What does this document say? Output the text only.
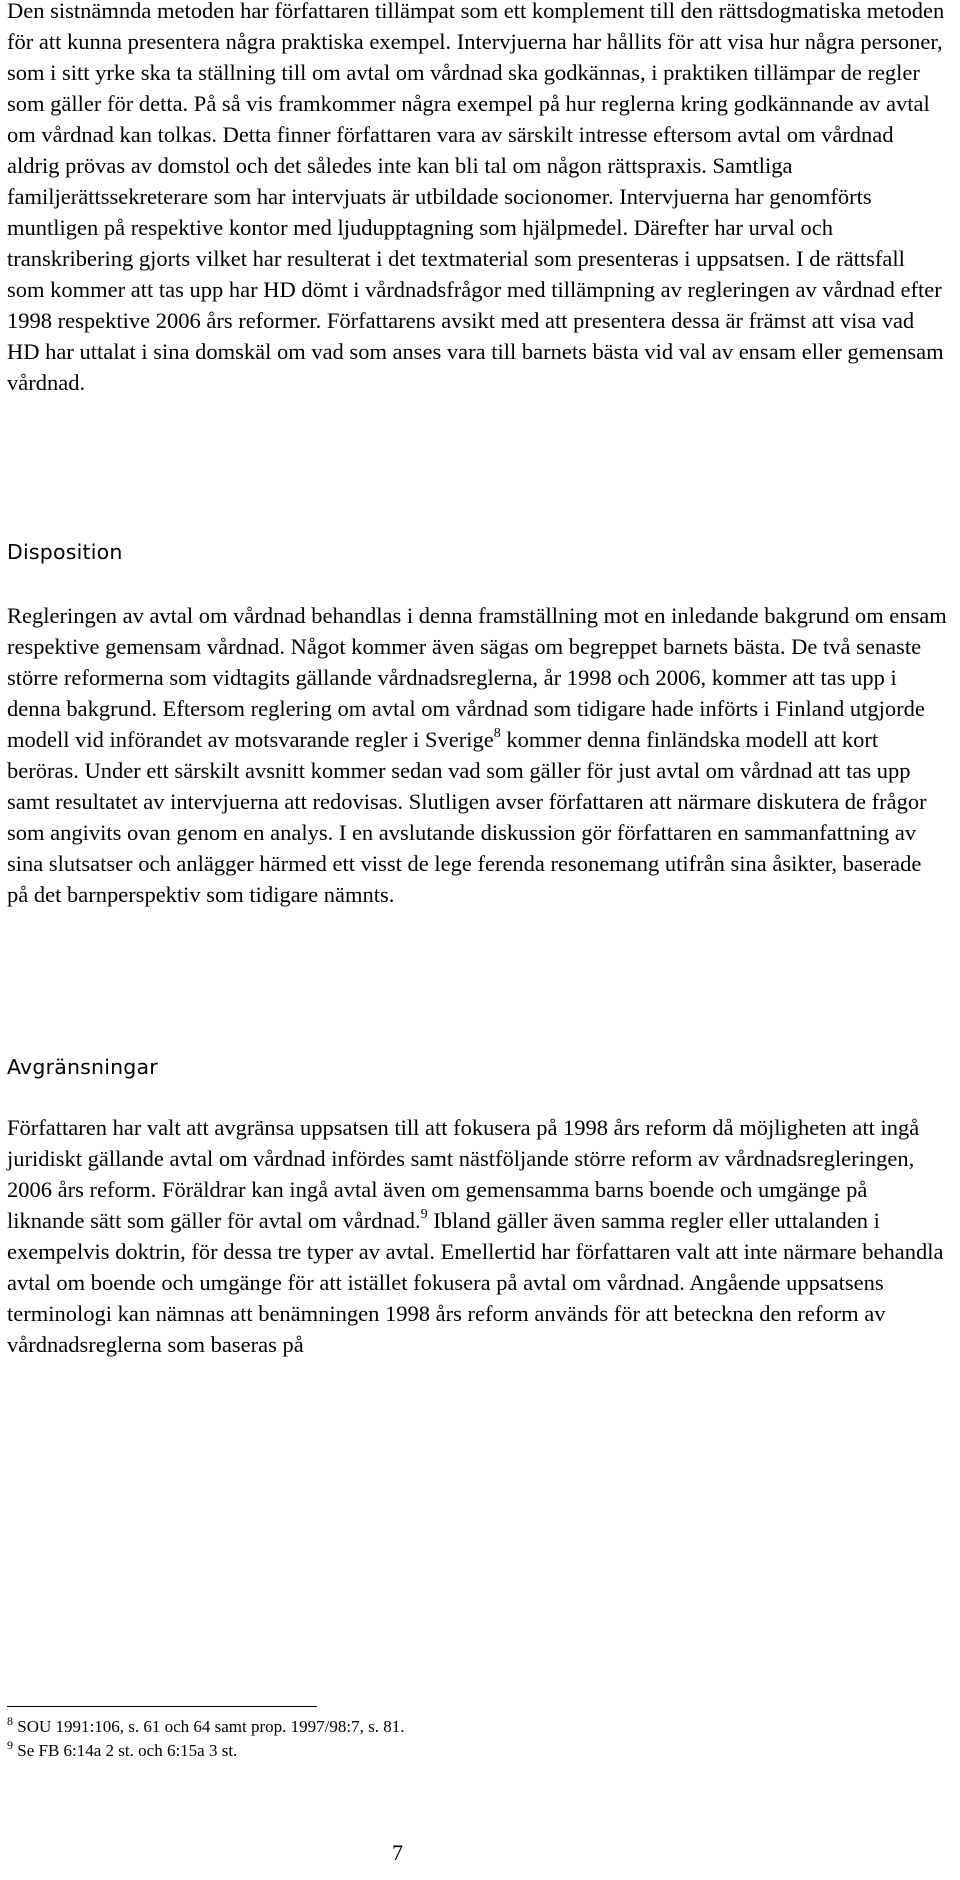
Den sistnämnda metoden har författaren tillämpat som ett komplement till den rättsdogmatiska metoden för att kunna presentera några praktiska exempel. Intervjuerna har hållits för att visa hur några personer, som i sitt yrke ska ta ställning till om avtal om vårdnad ska godkännas, i praktiken tillämpar de regler som gäller för detta. På så vis framkommer några exempel på hur reglerna kring godkännande av avtal om vårdnad kan tolkas. Detta finner författaren vara av särskilt intresse eftersom avtal om vårdnad aldrig prövas av domstol och det således inte kan bli tal om någon rättspraxis. Samtliga familjerättssekreterare som har intervjuats är utbildade socionomer. Intervjuerna har genomförts muntligen på respektive kontor med ljudupptagning som hjälpmedel. Därefter har urval och transkribering gjorts vilket har resulterat i det textmaterial som presenteras i uppsatsen. I de rättsfall som kommer att tas upp har HD dömt i vårdnadsfrågor med tillämpning av regleringen av vårdnad efter 1998 respektive 2006 års reformer. Författarens avsikt med att presentera dessa är främst att visa vad HD har uttalat i sina domskäl om vad som anses vara till barnets bästa vid val av ensam eller gemensam vårdnad.

Disposition

Regleringen av avtal om vårdnad behandlas i denna framställning mot en inledande bakgrund om ensam respektive gemensam vårdnad. Något kommer även sägas om begreppet barnets bästa. De två senaste större reformerna som vidtagits gällande vårdnadsreglerna, år 1998 och 2006, kommer att tas upp i denna bakgrund. Eftersom reglering om avtal om vårdnad som tidigare hade införts i Finland utgjorde modell vid införandet av motsvarande regler i Sverige$^8$ kommer denna finländska modell att kort beröras. Under ett särskilt avsnitt kommer sedan vad som gäller för just avtal om vårdnad att tas upp samt resultatet av intervjuerna att redovisas. Slutligen avser författaren att närmare diskutera de frågor som angivits ovan genom en analys. I en avslutande diskussion gör författaren en sammanfattning av sina slutsatser och anlägger härmed ett visst de lege ferenda resonemang utifrån sina åsikter, baserade på det barnperspektiv som tidigare nämnts.

Avgränsningar

Författaren har valt att avgränsa uppsatsen till att fokusera på 1998 års reform då möjligheten att ingå juridiskt gällande avtal om vårdnad infördes samt nästföljande större reform av vårdnadsregleringen, 2006 års reform. Föräldrar kan ingå avtal även om gemensamma barns boende och umgänge på liknande sätt som gäller för avtal om vårdnad.$^9$ Ibland gäller även samma regler eller uttalanden i exempelvis doktrin, för dessa tre typer av avtal. Emellertid har författaren valt att inte närmare behandla avtal om boende och umgänge för att istället fokusera på avtal om vårdnad. Angående uppsatsens terminologi kan nämnas att benämningen 1998 års reform används för att beteckna den reform av vårdnadsreglerna som baseras på

$^8$ SOU 1991:106, s. 61 och 64 samt prop. 1997/98:7, s. 81.

$^9$ Se FB 6:14a 2 st. och 6:15a 3 st.

7
